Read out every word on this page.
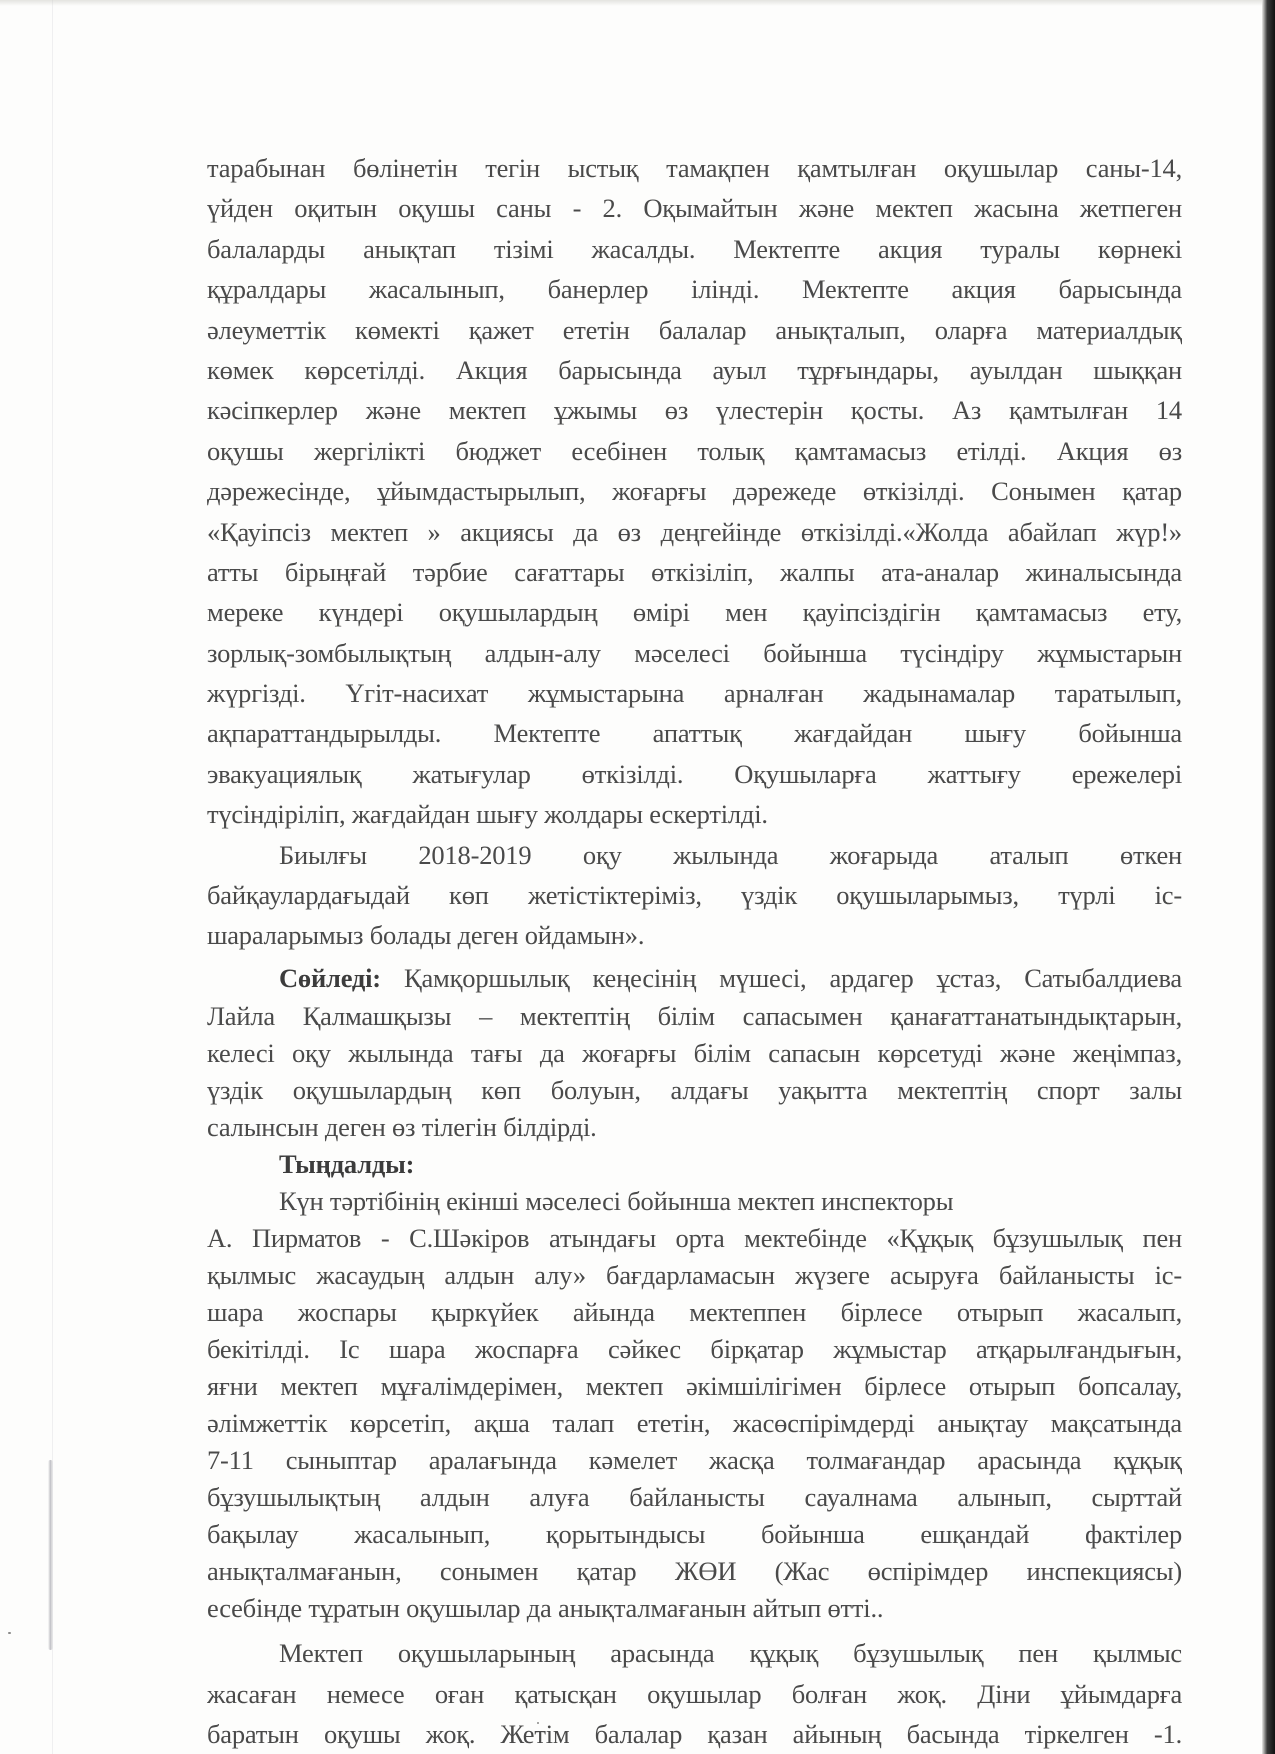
тарабынан бөлінетін тегін ыстық тамақпен қамтылған оқушылар саны-14,
үйден оқитын оқушы саны - 2. Оқымайтын және мектеп жасына жетпеген
балаларды анықтап тізімі жасалды. Мектепте акция туралы көрнекі
құралдары жасалынып, банерлер ілінді. Мектепте акция барысында
әлеуметтік көмекті қажет ететін балалар анықталып, оларға материалдық
көмек көрсетілді. Акция барысында ауыл тұрғындары, ауылдан шыққан
кәсіпкерлер және мектеп ұжымы өз үлестерін қосты. Аз қамтылған 14
оқушы жергілікті бюджет есебінен толық қамтамасыз етілді. Акция өз
дәрежесінде, ұйымдастырылып, жоғарғы дәрежеде өткізілді. Сонымен қатар
«Қауіпсіз мектеп » акциясы да өз деңгейінде өткізілді.«Жолда абайлап жүр!»
атты бірыңғай тәрбие сағаттары өткізіліп, жалпы ата-аналар жиналысында
мереке күндері оқушылардың өмірі мен қауіпсіздігін қамтамасыз ету,
зорлық-зомбылықтың алдын-алу мәселесі бойынша түсіндіру жұмыстарын
жүргізді. Үгіт-насихат жұмыстарына арналған жадынамалар таратылып,
ақпараттандырылды. Мектепте апаттық жағдайдан шығу бойынша
эвакуациялық жатығулар өткізілді. Оқушыларға жаттығу ережелері
түсіндіріліп, жағдайдан шығу жолдары ескертілді.
Биылғы 2018-2019 оқу жылында жоғарыда аталып өткен
байқаулардағыдай көп жетістіктеріміз, үздік оқушыларымыз, түрлі іс-
шараларымыз болады деген ойдамын».
Сөйледі: Қамқоршылық кеңесінің мүшесі, ардагер ұстаз, Сатыбалдиева
Лайла Қалмашқызы – мектептің білім сапасымен қанағаттанатындықтарын,
келесі оқу жылында тағы да жоғарғы білім сапасын көрсетуді және жеңімпаз,
үздік оқушылардың көп болуын, алдағы уақытта мектептің спорт залы
салынсын деген өз тілегін білдірді.
Тыңдалды:
Күн тәртібінің екінші мәселесі бойынша мектеп инспекторы
А. Пирматов - С.Шәкіров атындағы орта мектебінде «Құқық бұзушылық пен
қылмыс жасаудың алдын алу» бағдарламасын жүзеге асыруға байланысты іс-
шара жоспары қыркүйек айында мектеппен бірлесе отырып жасалып,
бекітілді. Іс шара жоспарға сәйкес бірқатар жұмыстар атқарылғандығын,
яғни мектеп мұғалімдерімен, мектеп әкімшілігімен бірлесе отырып бопсалау,
әлімжеттік көрсетіп, ақша талап ететін, жасөспірімдерді анықтау мақсатында
7-11 сыныптар аралағында кәмелет жасқа толмағандар арасында құқық
бұзушылықтың алдын алуға байланысты сауалнама алынып, сырттай
бақылау жасалынып, қорытындысы бойынша ешқандай фактілер
анықталмағанын, сонымен қатар ЖӨИ (Жас өспірімдер инспекциясы)
есебінде тұратын оқушылар да анықталмағанын айтып өтті..
Мектеп оқушыларының арасында құқық бұзушылық пен қылмыс
жасаған немесе оған қатысқан оқушылар болған жоқ. Діни ұйымдарға
баратын оқушы жоқ. Жетім балалар қазан айының басында тіркелген -1.
